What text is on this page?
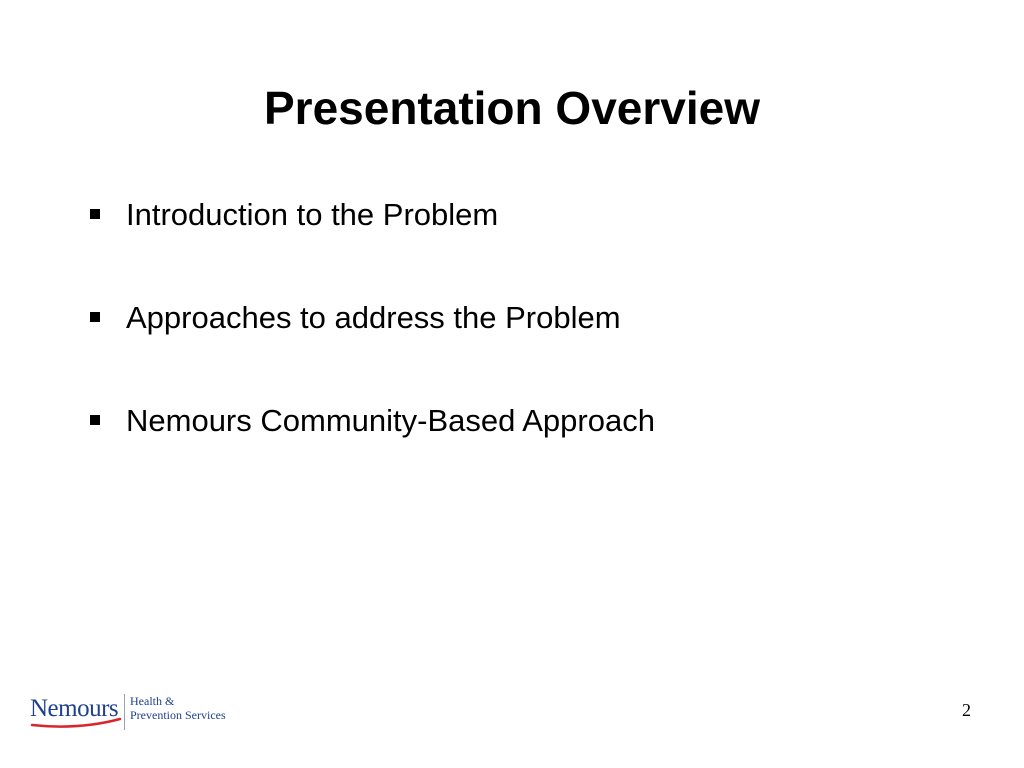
Presentation Overview
Introduction to the Problem
Approaches to address the Problem
Nemours Community-Based Approach
Nemours Health &
Prevention Services	2
